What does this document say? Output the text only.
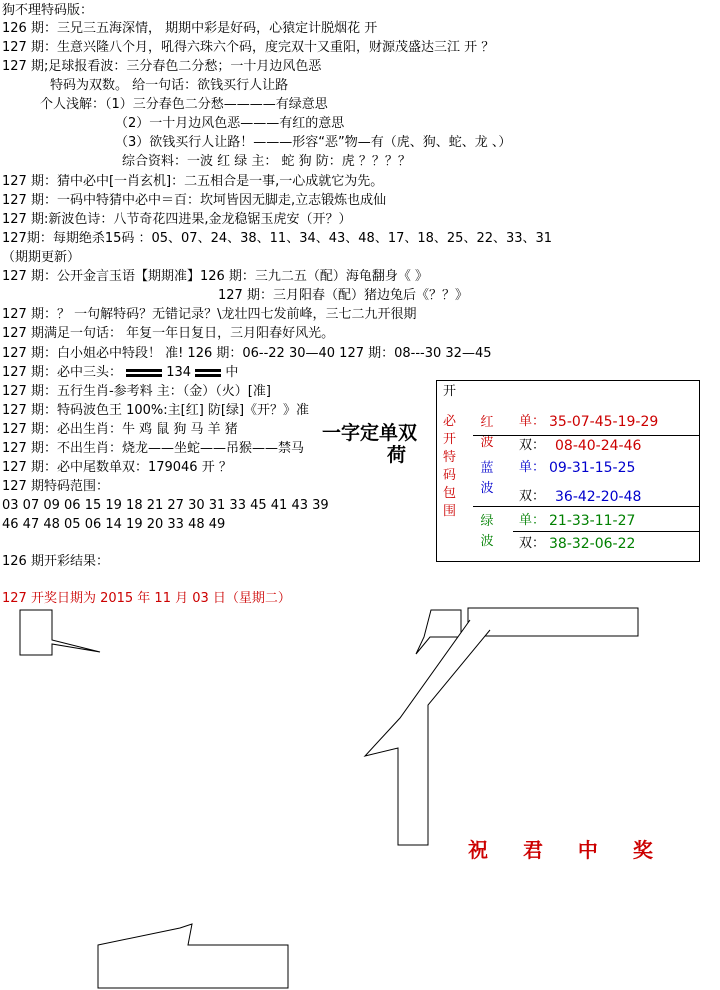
狗不理特码版：
126 期：三兄三五海深情， 期期中彩是好码，心猿定计脱烟花 开
127 期：生意兴隆八个月，吼得六珠六个码，度完双十又重阳，财源茂盛达三江 开 ？
127 期;足球报看波：三分春色二分愁；一十月边风色恶
特码为双数。 给一句话：欲钱买行人让路
个人浅解：（1）三分春色二分愁————有绿意思
（2）一十月边风色恶———有红的意思
（3）欲钱买行人让路！———形容“恶”物—有（虎、狗、蛇、龙 、）
综合资料：一波 红 绿 主： 蛇 狗 防：虎 ？？？？
127 期：猜中必中[一肖玄机]：二五相合是一事,一心成就它为先。
127 期：一码中特猜中必中＝百：坎坷皆因无脚走,立志锻炼也成仙
127 期:新波色诗：八节奇花四进果,金龙稳锯玉虎安（开？）
127期：每期绝杀15码 ：05、07、24、38、11、34、43、48、17、18、25、22、33、31
（期期更新）
127 期：公开金言玉语【期期准】126 期：三九二五（配）海龟翻身《 》
127 期：三月阳春（配）猪边兔后《？？》
127 期：？ 一句解特码？无错记录？\龙壮四七发前峰，三七二九开很期
127 期满足一句话： 年复一年日复日，三月阳春好风光。
127 期：白小姐必中特段！ 准! 126 期：06--22 30—40 127 期：08---30 32—45
127 期：必中三头：	134	中
127 期：五行生肖-参考料 主：（金）（火）[准]
127 期：特码波色王 100%:主[红] 防[绿]《开？》准
127 期：必出生肖：牛 鸡 鼠 狗 马 羊 猪
127 期：不出生肖：烧龙——坐蛇——吊猴——禁马
127 期：必中尾数单双：179046 开 ？
127 期特码范围：
03 07 09 06 15 19 18 21 27 30 31 33 45 41 43 39
46 47 48 05 06 14 19 20 33 48 49
126 期开彩结果：
127 开奖日期为 2015 年 11 月 03 日（星期二）
一字定单双
荷
开
必
开
特
码
包
围
红
波
蓝
波
绿
波
单： 35-07-45-19-29
双： 08-40-24-46
单： 09-31-15-25
双： 36-42-20-48
单： 21-33-11-27
双： 38-32-06-22
祝 君 中 奖
